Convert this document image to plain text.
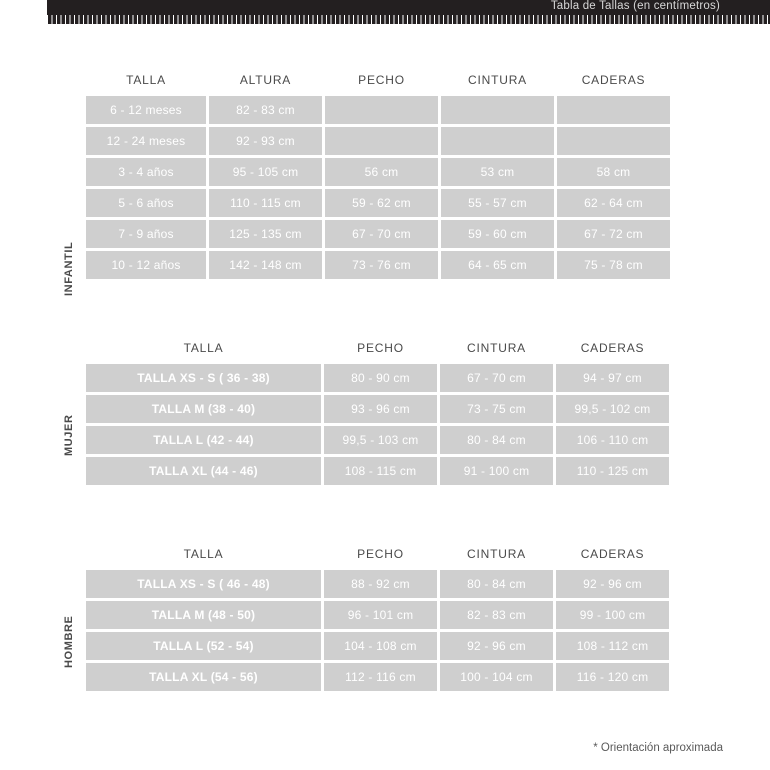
Tabla de Tallas (en centímetros)
INFANTIL
TALLA	ALTURA	PECHO	CINTURA	CADERAS
6 - 12 meses	82 - 83 cm			
12 - 24 meses	92 - 93 cm			
3 - 4 años	95 - 105 cm	56 cm	53 cm	58 cm
5 - 6 años	110 - 115 cm	59 - 62 cm	55 - 57 cm	62 - 64 cm
7 - 9 años	125 - 135 cm	67 - 70 cm	59 - 60 cm	67 - 72 cm
10 - 12 años	142 - 148 cm	73 - 76 cm	64 - 65 cm	75 - 78 cm
MUJER
TALLA	PECHO	CINTURA	CADERAS
TALLA XS - S ( 36 - 38)	80 - 90 cm	67 - 70 cm	94 - 97 cm
TALLA M (38 - 40)	93 - 96 cm	73 - 75 cm	99,5 - 102 cm
TALLA L (42 - 44)	99,5 - 103 cm	80 - 84 cm	106 - 110 cm
TALLA XL (44 - 46)	108 - 115 cm	91 - 100 cm	110 - 125 cm
HOMBRE
TALLA	PECHO	CINTURA	CADERAS
TALLA XS - S ( 46 - 48)	88 - 92 cm	80 - 84 cm	92 - 96 cm
TALLA M (48 - 50)	96 - 101 cm	82 - 83 cm	99 - 100 cm
TALLA L (52 - 54)	104 - 108 cm	92 - 96 cm	108 - 112 cm
TALLA XL (54 - 56)	112 - 116 cm	100 - 104 cm	116 - 120 cm
* Orientación aproximada
